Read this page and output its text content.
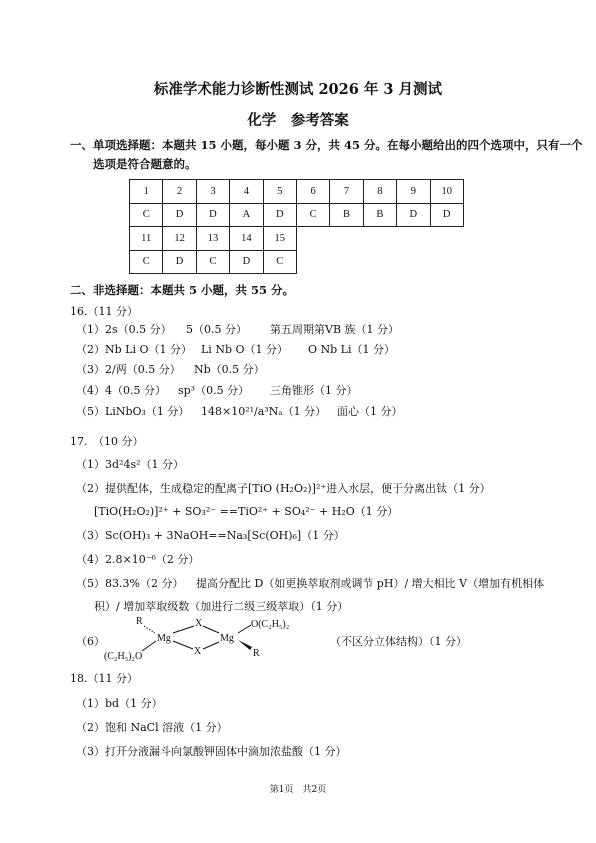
标准学术能力诊断性测试 2026 年 3 月测试
化学　参考答案
一、单项选择题：本题共 15 小题，每小题 3 分，共 45 分。在每小题给出的四个选项中，只有一个
选项是符合题意的。
1	2	3	4	5	6	7	8	9	10
C	D	D	A	D	C	B	B	D	D
11	12	13	14	15					
C	D	C	D	C					
二、非选择题：本题共 5 小题，共 55 分。
16.（11 分）
（1）2s（0.5 分） 5（0.5 分） 第五周期第VB 族（1 分）
（2）Nb Li O（1 分） Li Nb O（1 分） O Nb Li（1 分）
（3）2/两（0.5 分） Nb（0.5 分）
（4）4（0.5 分） sp³（0.5 分） 三角锥形（1 分）
（5）LiNbO₃（1 分） 148×10²¹/a³Nₐ（1 分） 面心（1 分）
17.　（10 分）
（1）3d²4s²（1 分）
（2）提供配体，生成稳定的配离子[TiO (H₂O₂)]²⁺进入水层，便于分离出钛（1 分）
[TiO(H₂O₂)]²⁺ + SO₃²⁻ ==TiO²⁺ + SO₄²⁻ + H₂O（1 分）
（3）Sc(OH)₃ + 3NaOH==Na₃[Sc(OH)₆]（1 分）
（4）2.8×10⁻⁶（2 分）
（5）83.3%（2 分） 提高分配比 D（如更换萃取剂或调节 pH）/ 增大相比 V（增加有机相体
积）/ 增加萃取级数（加进行二级三级萃取）（1 分）
（6）
R
Mg
X
Mg
O(C₂H₅)₂
(C₂H₅)₂O	X	R
（不区分立体结构）（1 分）
18.（11 分）
（1）bd（1 分）
（2）饱和 NaCl 溶液（1 分）
（3）打开分液漏斗向氯酸钾固体中滴加浓盐酸（1 分）
第1页　共2页
